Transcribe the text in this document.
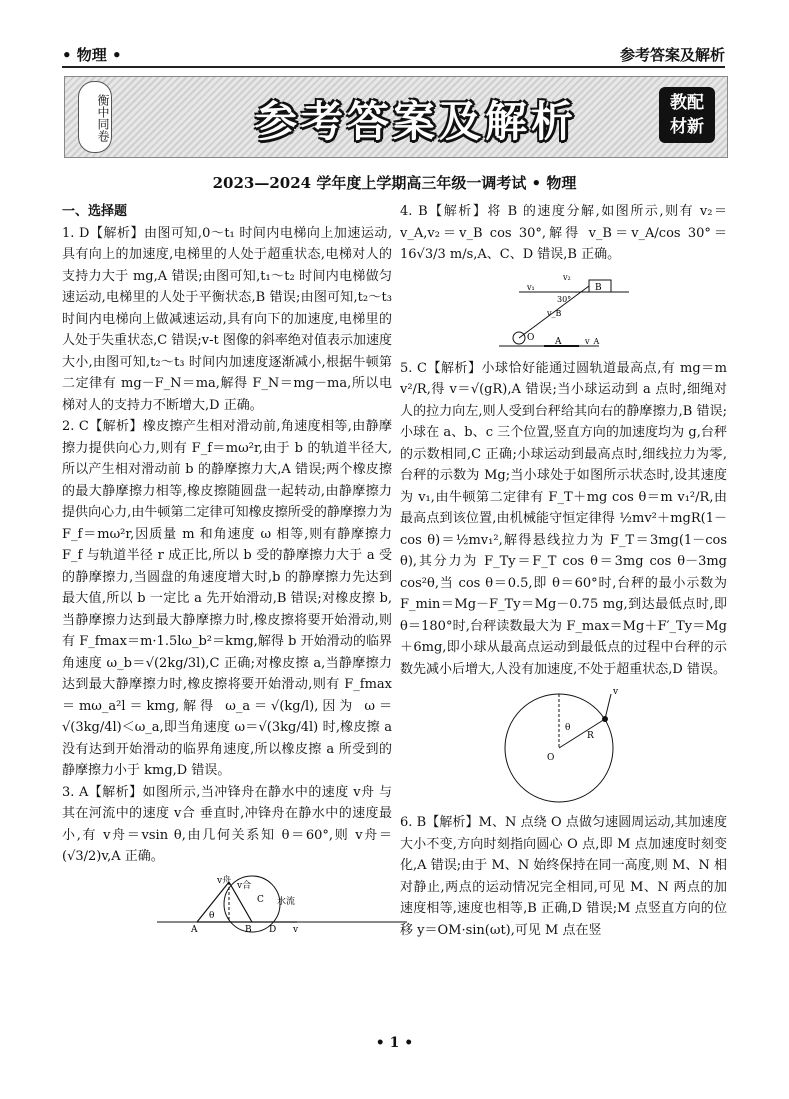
• 物理 •	参考答案及解析
衡中同卷	参考答案及解析	教配
材新
2023—2024 学年度上学期高三年级一调考试 • 物理
一、选择题

1. D【解析】由图可知,0～t₁ 时间内电梯向上加速运动,具有向上的加速度,电梯里的人处于超重状态,电梯对人的支持力大于 mg,A 错误;由图可知,t₁～t₂ 时间内电梯做匀速运动,电梯里的人处于平衡状态,B 错误;由图可知,t₂～t₃ 时间内电梯向上做减速运动,具有向下的加速度,电梯里的人处于失重状态,C 错误;v-t 图像的斜率绝对值表示加速度大小,由图可知,t₂～t₃ 时间内加速度逐渐减小,根据牛顿第二定律有 mg－F_N＝ma,解得 F_N＝mg－ma,所以电梯对人的支持力不断增大,D 正确。

2. C【解析】橡皮擦产生相对滑动前,角速度相等,由静摩擦力提供向心力,则有 F_f＝mω²r,由于 b 的轨道半径大,所以产生相对滑动前 b 的静摩擦力大,A 错误;两个橡皮擦的最大静摩擦力相等,橡皮擦随圆盘一起转动,由静摩擦力提供向心力,由牛顿第二定律可知橡皮擦所受的静摩擦力为 F_f＝mω²r,因质量 m 和角速度 ω 相等,则有静摩擦力 F_f 与轨道半径 r 成正比,所以 b 受的静摩擦力大于 a 受的静摩擦力,当圆盘的角速度增大时,b 的静摩擦力先达到最大值,所以 b 一定比 a 先开始滑动,B 错误;对橡皮擦 b,当静摩擦力达到最大静摩擦力时,橡皮擦将要开始滑动,则有 F_fmax＝m·1.5lω_b²＝kmg,解得 b 开始滑动的临界角速度 ω_b＝√(2kg/3l),C 正确;对橡皮擦 a,当静摩擦力达到最大静摩擦力时,橡皮擦将要开始滑动,则有 F_fmax＝mω_a²l＝kmg,解得 ω_a＝√(kg/l),因为 ω＝√(3kg/4l)＜ω_a,即当角速度 ω＝√(3kg/4l) 时,橡皮擦 a 没有达到开始滑动的临界角速度,所以橡皮擦 a 所受到的静摩擦力小于 kmg,D 错误。

3. A【解析】如图所示,当冲锋舟在静水中的速度 v舟 与其在河流中的速度 v合 垂直时,冲锋舟在静水中的速度最小,有 v舟＝vsin θ,由几何关系知 θ＝60°,则 v舟＝(√3/2)v,A 正确。

v舟 v合
C
A
θ
B D v
水流

4. B【解析】将 B 的速度分解,如图所示,则有 v₂＝v_A,v₂＝v_B cos 30°,解得 v_B＝v_A/cos 30°＝16√3/3 m/s,A、C、D 错误,B 正确。

v₁
v₂
30°
B
v_B
O A	v_A

5. C【解析】小球恰好能通过圆轨道最高点,有 mg＝m v²/R,得 v＝√(gR),A 错误;当小球运动到 a 点时,细绳对人的拉力向左,则人受到台秤给其向右的静摩擦力,B 错误;小球在 a、b、c 三个位置,竖直方向的加速度均为 g,台秤的示数相同,C 正确;小球运动到最高点时,细线拉力为零,台秤的示数为 Mg;当小球处于如图所示状态时,设其速度为 v₁,由牛顿第二定律有 F_T＋mg cos θ＝m v₁²/R,由最高点到该位置,由机械能守恒定律得 ½mv²＋mgR(1－cos θ)＝½mv₁²,解得悬线拉力为 F_T＝3mg(1－cos θ),其分力为 F_Ty＝F_T cos θ＝3mg cos θ－3mg cos²θ,当 cos θ＝0.5,即 θ＝60°时,台秤的最小示数为 F_min＝Mg－F_Ty＝Mg－0.75 mg,到达最低点时,即 θ＝180°时,台秤读数最大为 F_max＝Mg＋F′_Ty＝Mg＋6mg,即小球从最高点运动到最低点的过程中台秤的示数先减小后增大,人没有加速度,不处于超重状态,D 错误。

v
θ
R
O

6. B【解析】M、N 点绕 O 点做匀速圆周运动,其加速度大小不变,方向时刻指向圆心 O 点,即 M 点加速度时刻变化,A 错误;由于 M、N 始终保持在同一高度,则 M、N 相对静止,两点的运动情况完全相同,可见 M、N 两点的加速度相等,速度也相等,B 正确,D 错误;M 点竖直方向的位移 y＝OM·sin(ωt),可见 M 点在竖

• 1 •
